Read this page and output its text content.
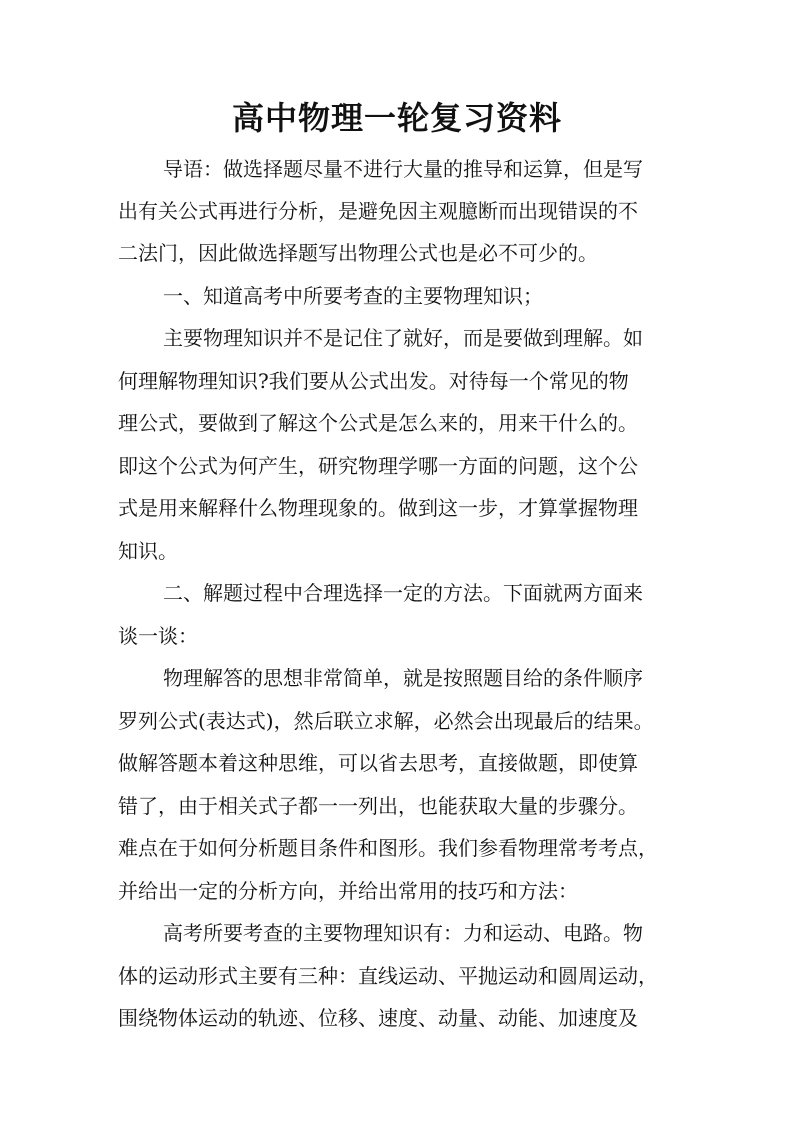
高中物理一轮复习资料

导语：做选择题尽量不进行大量的推导和运算，但是写

出有关公式再进行分析，是避免因主观臆断而出现错误的不

二法门，因此做选择题写出物理公式也是必不可少的。

一、知道高考中所要考查的主要物理知识；

主要物理知识并不是记住了就好，而是要做到理解。如

何理解物理知识?我们要从公式出发。对待每一个常见的物

理公式，要做到了解这个公式是怎么来的，用来干什么的。

即这个公式为何产生，研究物理学哪一方面的问题，这个公

式是用来解释什么物理现象的。做到这一步，才算掌握物理

知识。

二、解题过程中合理选择一定的方法。下面就两方面来

谈一谈：

物理解答的思想非常简单，就是按照题目给的条件顺序

罗列公式(表达式)，然后联立求解，必然会出现最后的结果。

做解答题本着这种思维，可以省去思考，直接做题，即使算

错了，由于相关式子都一一列出，也能获取大量的步骤分。

难点在于如何分析题目条件和图形。我们参看物理常考考点，

并给出一定的分析方向，并给出常用的技巧和方法：

高考所要考查的主要物理知识有：力和运动、电路。物

体的运动形式主要有三种：直线运动、平抛运动和圆周运动，

围绕物体运动的轨迹、位移、速度、动量、动能、加速度及
